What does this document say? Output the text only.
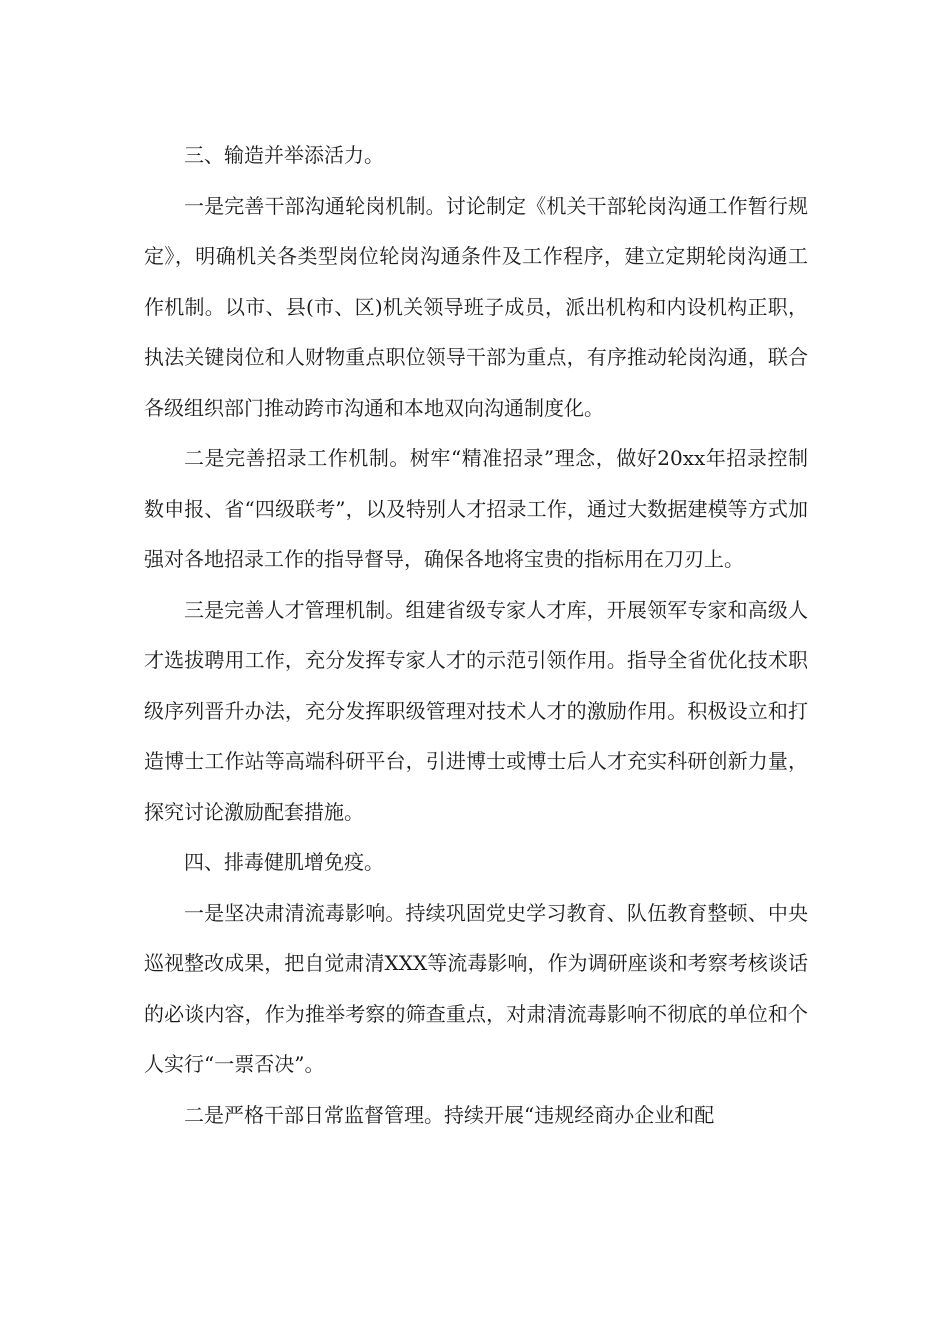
三、输造并举添活力。

一是完善干部沟通轮岗机制。讨论制定《机关干部轮岗沟通工作暂行规定》，明确机关各类型岗位轮岗沟通条件及工作程序，建立定期轮岗沟通工作机制。以市、县(市、区)机关领导班子成员，派出机构和内设机构正职，执法关键岗位和人财物重点职位领导干部为重点，有序推动轮岗沟通，联合各级组织部门推动跨市沟通和本地双向沟通制度化。

二是完善招录工作机制。树牢“精准招录”理念，做好20xx年招录控制数申报、省“四级联考”，以及特别人才招录工作，通过大数据建模等方式加强对各地招录工作的指导督导，确保各地将宝贵的指标用在刀刃上。

三是完善人才管理机制。组建省级专家人才库，开展领军专家和高级人才选拔聘用工作，充分发挥专家人才的示范引领作用。指导全省优化技术职级序列晋升办法，充分发挥职级管理对技术人才的激励作用。积极设立和打造博士工作站等高端科研平台，引进博士或博士后人才充实科研创新力量，探究讨论激励配套措施。

四、排毒健肌增免疫。

一是坚决肃清流毒影响。持续巩固党史学习教育、队伍教育整顿、中央巡视整改成果，把自觉肃清XXX等流毒影响，作为调研座谈和考察考核谈话的必谈内容，作为推举考察的筛查重点，对肃清流毒影响不彻底的单位和个人实行“一票否决”。

二是严格干部日常监督管理。持续开展“违规经商办企业和配
